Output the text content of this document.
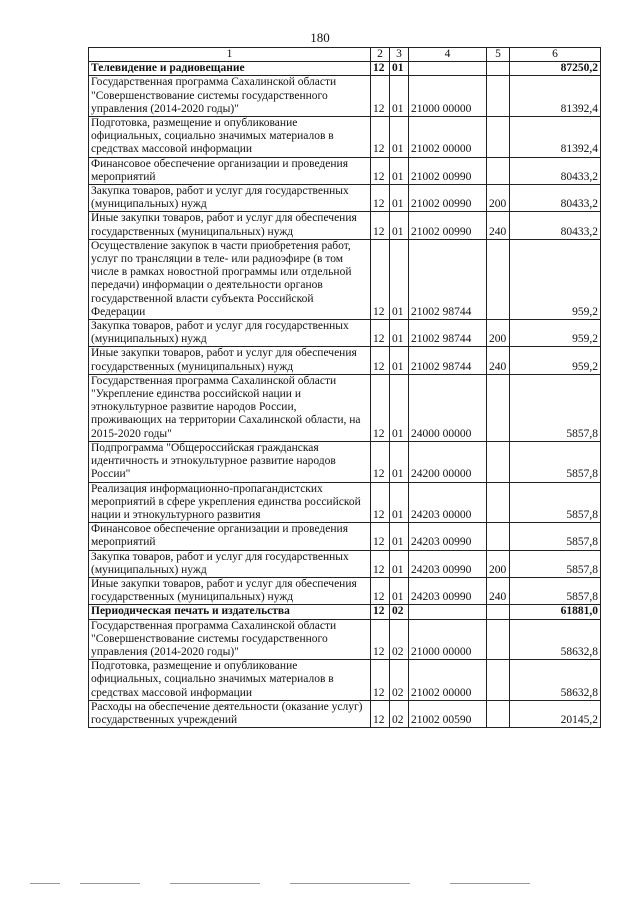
180
1	2	3	4	5	6
Телевидение и радиовещание	12	01			87250,2
Государственная программа Сахалинской области "Совершенствование системы государственного управления (2014-2020 годы)"	12	01	21000 00000		81392,4
Подготовка, размещение и опубликование официальных, социально значимых материалов в средствах массовой информации	12	01	21002 00000		81392,4
Финансовое обеспечение организации и проведения мероприятий	12	01	21002 00990		80433,2
Закупка товаров, работ и услуг для государственных (муниципальных) нужд	12	01	21002 00990	200	80433,2
Иные закупки товаров, работ и услуг для обеспечения государственных (муниципальных) нужд	12	01	21002 00990	240	80433,2
Осуществление закупок в части приобретения работ, услуг по трансляции в теле- или радиоэфире (в том числе в рамках новостной программы или отдельной передачи) информации о деятельности органов государственной власти субъекта Российской Федерации	12	01	21002 98744		959,2
Закупка товаров, работ и услуг для государственных (муниципальных) нужд	12	01	21002 98744	200	959,2
Иные закупки товаров, работ и услуг для обеспечения государственных (муниципальных) нужд	12	01	21002 98744	240	959,2
Государственная программа Сахалинской области "Укрепление единства российской нации и этнокультурное развитие народов России, проживающих на территории Сахалинской области, на 2015-2020 годы"	12	01	24000 00000		5857,8
Подпрограмма "Общероссийская гражданская идентичность и этнокультурное развитие народов России"	12	01	24200 00000		5857,8
Реализация информационно-пропагандистских мероприятий в сфере укрепления единства российской нации и этнокультурного развития	12	01	24203 00000		5857,8
Финансовое обеспечение организации и проведения мероприятий	12	01	24203 00990		5857,8
Закупка товаров, работ и услуг для государственных (муниципальных) нужд	12	01	24203 00990	200	5857,8
Иные закупки товаров, работ и услуг для обеспечения государственных (муниципальных) нужд	12	01	24203 00990	240	5857,8
Периодическая печать и издательства	12	02			61881,0
Государственная программа Сахалинской области "Совершенствование системы государственного управления (2014-2020 годы)"	12	02	21000 00000		58632,8
Подготовка, размещение и опубликование официальных, социально значимых материалов в средствах массовой информации	12	02	21002 00000		58632,8
Расходы на обеспечение деятельности (оказание услуг) государственных учреждений	12	02	21002 00590		20145,2
